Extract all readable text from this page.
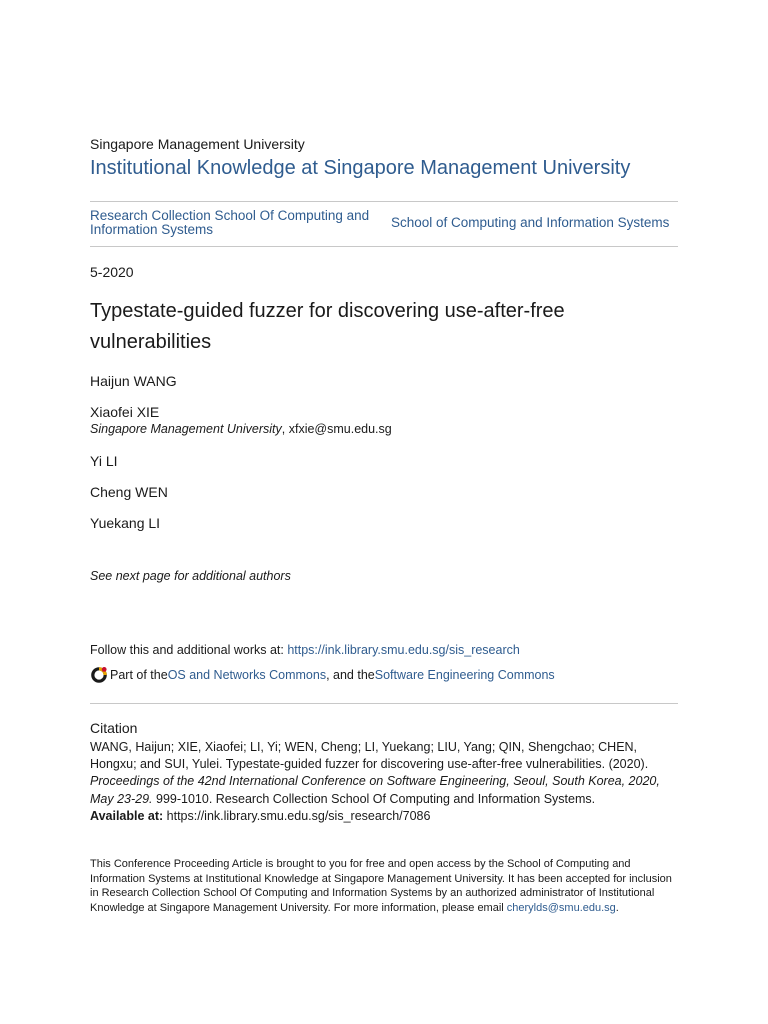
Singapore Management University
Institutional Knowledge at Singapore Management University
Research Collection School Of Computing and Information Systems	School of Computing and Information Systems
5-2020
Typestate-guided fuzzer for discovering use-after-free vulnerabilities
Haijun WANG
Xiaofei XIE
Singapore Management University, xfxie@smu.edu.sg
Yi LI
Cheng WEN
Yuekang LI
See next page for additional authors
Follow this and additional works at: https://ink.library.smu.edu.sg/sis_research
Part of the OS and Networks Commons , and the Software Engineering Commons
Citation
WANG, Haijun; XIE, Xiaofei; LI, Yi; WEN, Cheng; LI, Yuekang; LIU, Yang; QIN, Shengchao; CHEN, Hongxu; and SUI, Yulei. Typestate-guided fuzzer for discovering use-after-free vulnerabilities. (2020). Proceedings of the 42nd International Conference on Software Engineering, Seoul, South Korea, 2020, May 23-29. 999-1010. Research Collection School Of Computing and Information Systems.
Available at: https://ink.library.smu.edu.sg/sis_research/7086
This Conference Proceeding Article is brought to you for free and open access by the School of Computing and Information Systems at Institutional Knowledge at Singapore Management University. It has been accepted for inclusion in Research Collection School Of Computing and Information Systems by an authorized administrator of Institutional Knowledge at Singapore Management University. For more information, please email cherylds@smu.edu.sg.
